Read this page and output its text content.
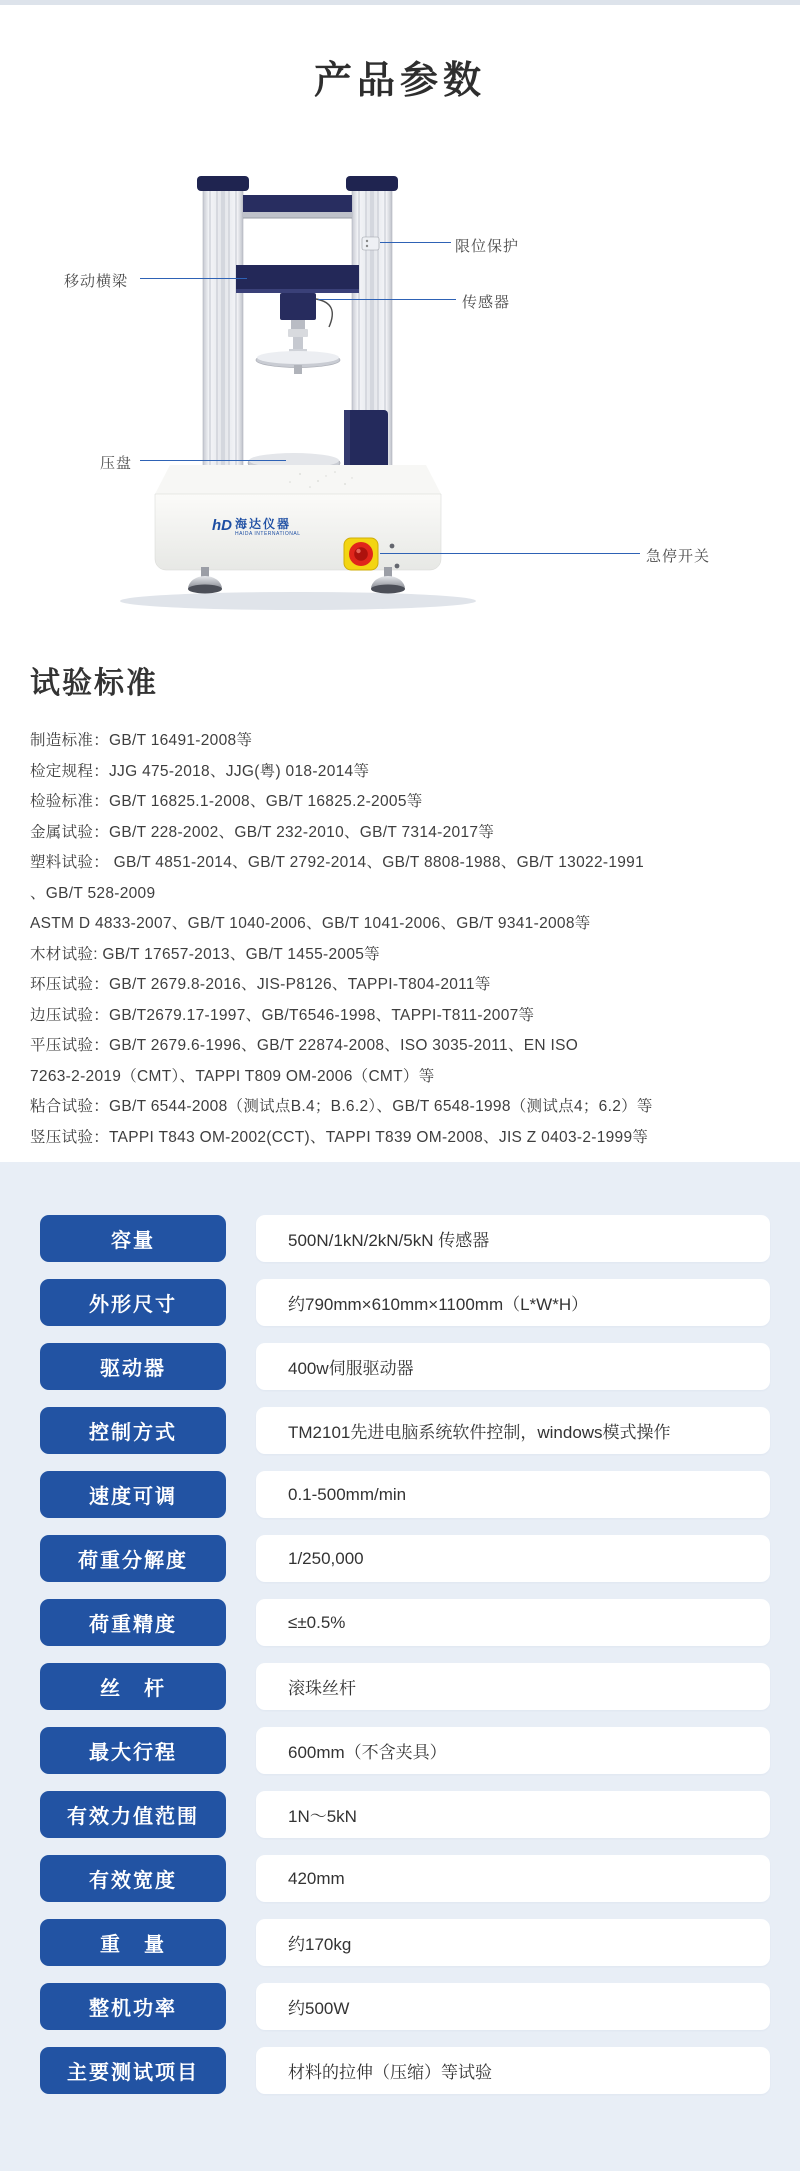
产品参数
限位保护
传感器
移动横梁
压盘
急停开关
hD 海达仪器
HAIDA INTERNATIONAL
试验标准

制造标准：GB/T 16491-2008等

检定规程：JJG 475-2018、JJG(粤) 018-2014等

检验标准：GB/T 16825.1-2008、GB/T 16825.2-2005等

金属试验：GB/T 228-2002、GB/T 232-2010、GB/T 7314-2017等

塑料试验： GB/T 4851-2014、GB/T 2792-2014、GB/T 8808-1988、GB/T 13022-1991

、GB/T 528-2009

ASTM D 4833-2007、GB/T 1040-2006、GB/T 1041-2006、GB/T 9341-2008等

木材试验: GB/T 17657-2013、GB/T 1455-2005等

环压试验：GB/T 2679.8-2016、JIS-P8126、TAPPI-T804-2011等

边压试验：GB/T2679.17-1997、GB/T6546-1998、TAPPI-T811-2007等

平压试验：GB/T 2679.6-1996、GB/T 22874-2008、ISO 3035-2011、EN ISO

7263-2-2019（CMT）、TAPPI T809 OM-2006（CMT）等

粘合试验：GB/T 6544-2008（测试点B.4；B.6.2）、GB/T 6548-1998（测试点4；6.2）等

竖压试验：TAPPI T843 OM-2002(CCT)、TAPPI T839 OM-2008、JIS Z 0403-2-1999等

容量	500N/1kN/2kN/5kN 传感器
外形尺寸	约790mm×610mm×1100mm（L*W*H）
驱动器	400w伺服驱动器
控制方式	TM2101先进电脑系统软件控制，windows模式操作
速度可调	0.1-500mm/min
荷重分解度	1/250,000
荷重精度	≤±0.5%
丝　杆	滚珠丝杆
最大行程	600mm（不含夹具）
有效力值范围	1N～5kN
有效宽度	420mm
重　量	约170kg
整机功率	约500W
主要测试项目	材料的拉伸（压缩）等试验
